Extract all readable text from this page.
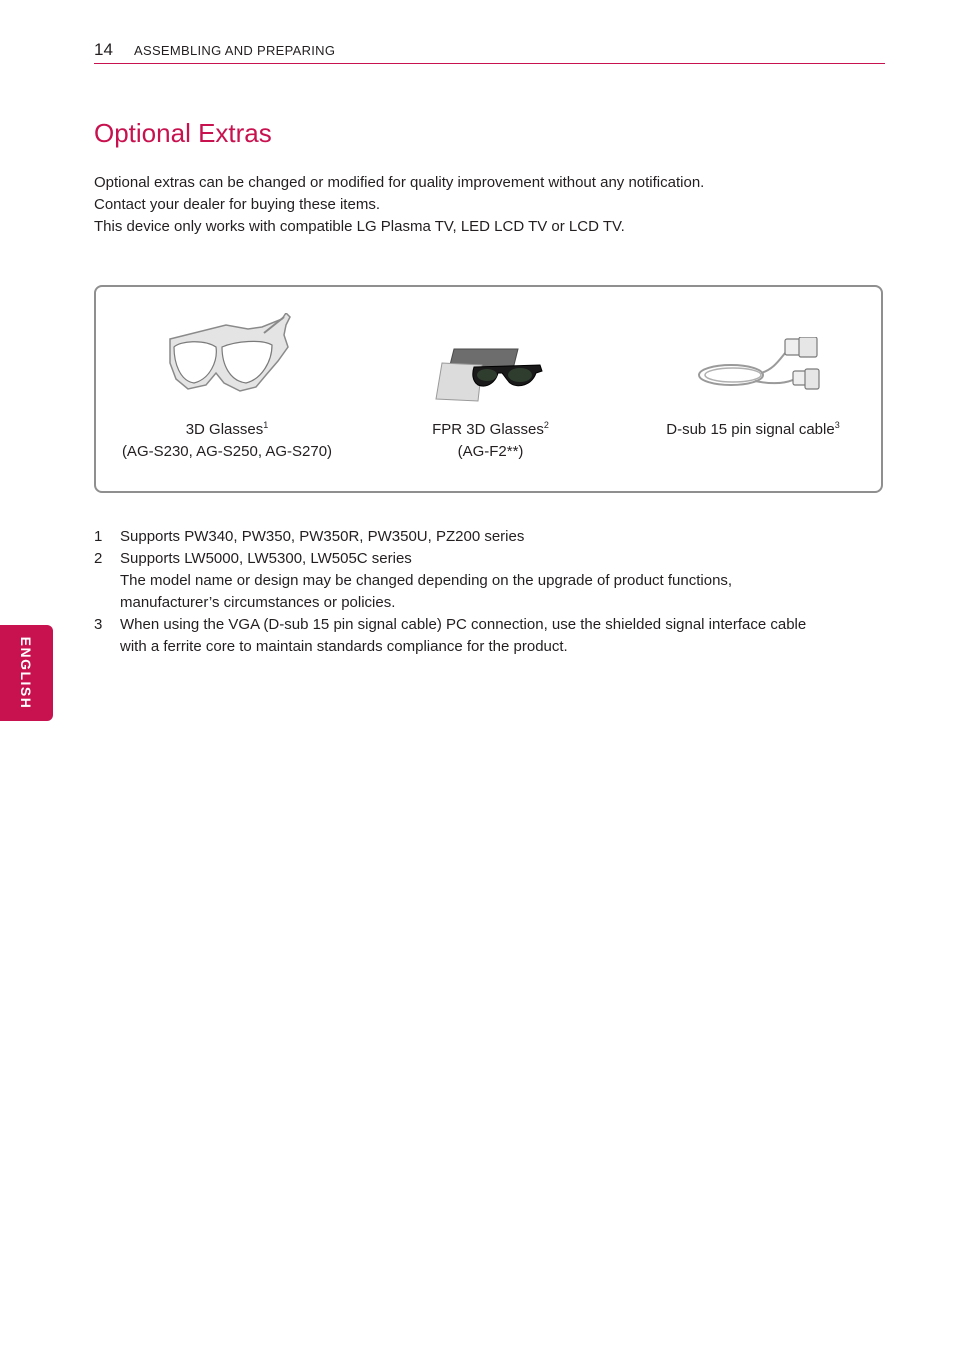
14 ASSEMBLING AND PREPARING
Optional Extras
Optional extras can be changed or modified for quality improvement without any notification.
Contact your dealer for buying these items.
This device only works with compatible LG Plasma TV, LED LCD TV or LCD TV.
3D Glasses$^1$
(AG-S230, AG-S250, AG-S270)
FPR 3D Glasses$^2$
(AG-F2**)
D-sub 15 pin signal cable$^3$
1 Supports PW340, PW350, PW350R, PW350U, PZ200 series
2 Supports LW5000, LW5300, LW505C series
The model name or design may be changed depending on the upgrade of product functions,
manufacturer’s circumstances or policies.
3 When using the VGA (D-sub 15 pin signal cable) PC connection, use the shielded signal interface cable
with a ferrite core to maintain standards compliance for the product.
ENGLISH
